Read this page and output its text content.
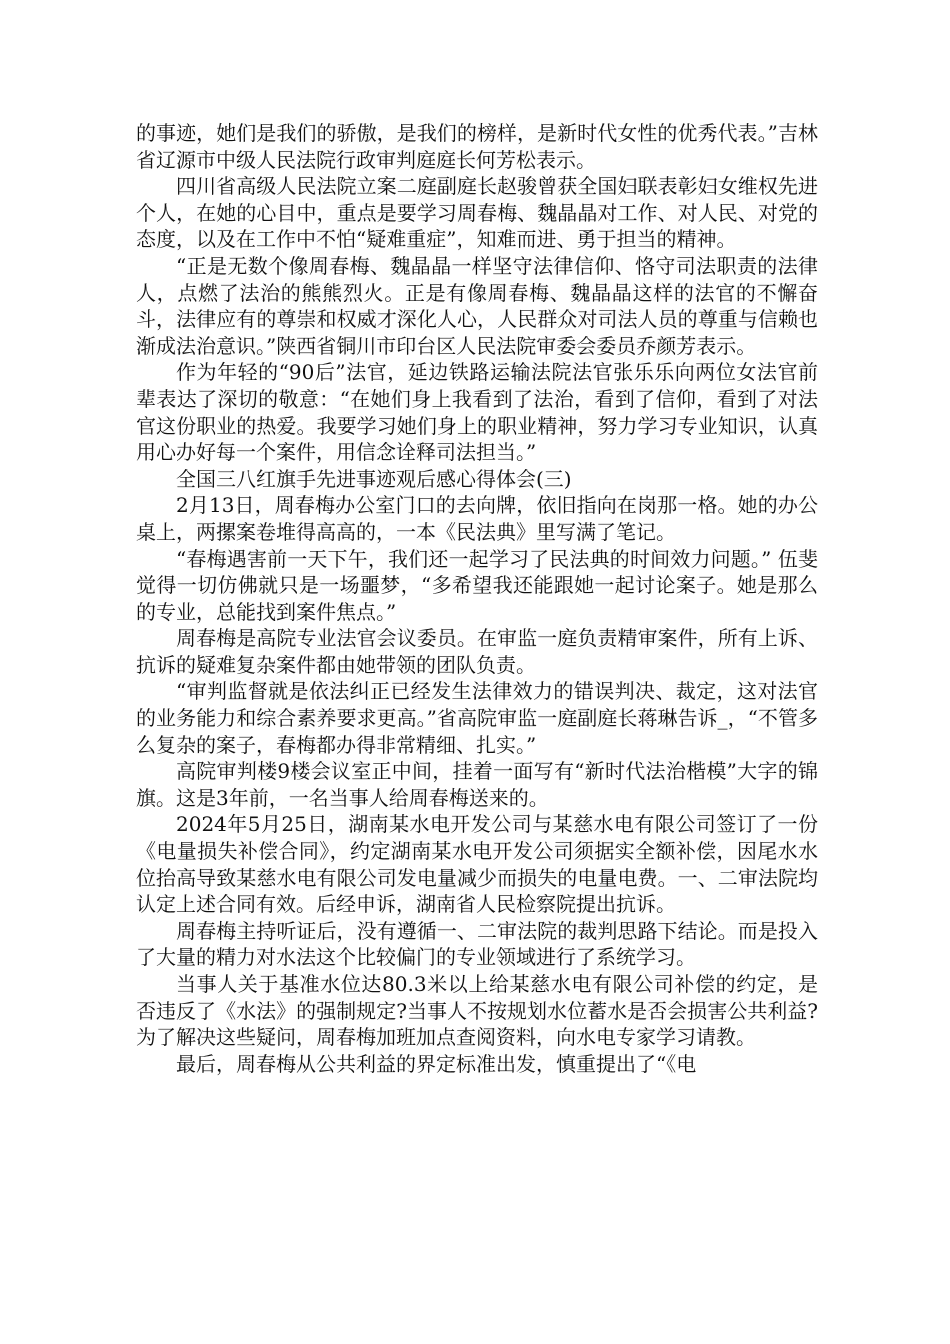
的事迹，她们是我们的骄傲，是我们的榜样，是新时代女性的优秀代表。”吉林省辽源市中级人民法院行政审判庭庭长何芳松表示。

四川省高级人民法院立案二庭副庭长赵骏曾获全国妇联表彰妇女维权先进个人，在她的心目中，重点是要学习周春梅、魏晶晶对工作、对人民、对党的态度，以及在工作中不怕“疑难重症”，知难而进、勇于担当的精神。

“正是无数个像周春梅、魏晶晶一样坚守法律信仰、恪守司法职责的法律人，点燃了法治的熊熊烈火。正是有像周春梅、魏晶晶这样的法官的不懈奋斗，法律应有的尊崇和权威才深化人心，人民群众对司法人员的尊重与信赖也渐成法治意识。”陕西省铜川市印台区人民法院审委会委员乔颜芳表示。

作为年轻的“90后”法官，延边铁路运输法院法官张乐乐向两位女法官前辈表达了深切的敬意：“在她们身上我看到了法治，看到了信仰，看到了对法官这份职业的热爱。我要学习她们身上的职业精神，努力学习专业知识，认真用心办好每一个案件，用信念诠释司法担当。”

全国三八红旗手先进事迹观后感心得体会(三)

2月13日，周春梅办公室门口的去向牌，依旧指向在岗那一格。她的办公桌上，两摞案卷堆得高高的，一本《民法典》里写满了笔记。

“春梅遇害前一天下午，我们还一起学习了民法典的时间效力问题。” 伍斐觉得一切仿佛就只是一场噩梦，“多希望我还能跟她一起讨论案子。她是那么的专业，总能找到案件焦点。”

周春梅是高院专业法官会议委员。在审监一庭负责精审案件，所有上诉、抗诉的疑难复杂案件都由她带领的团队负责。

“审判监督就是依法纠正已经发生法律效力的错误判决、裁定，这对法官的业务能力和综合素养要求更高。”省高院审监一庭副庭长蒋琳告诉_，“不管多么复杂的案子，春梅都办得非常精细、扎实。”

高院审判楼9楼会议室正中间，挂着一面写有“新时代法治楷模”大字的锦旗。这是3年前，一名当事人给周春梅送来的。

2024年5月25日，湖南某水电开发公司与某慈水电有限公司签订了一份《电量损失补偿合同》，约定湖南某水电开发公司须据实全额补偿，因尾水水位抬高导致某慈水电有限公司发电量减少而损失的电量电费。一、二审法院均认定上述合同有效。后经申诉，湖南省人民检察院提出抗诉。

周春梅主持听证后，没有遵循一、二审法院的裁判思路下结论。而是投入了大量的精力对水法这个比较偏门的专业领域进行了系统学习。

当事人关于基准水位达80.3米以上给某慈水电有限公司补偿的约定，是否违反了《水法》的强制规定?当事人不按规划水位蓄水是否会损害公共利益?为了解决这些疑问，周春梅加班加点查阅资料，向水电专家学习请教。

最后，周春梅从公共利益的界定标准出发，慎重提出了“《电
